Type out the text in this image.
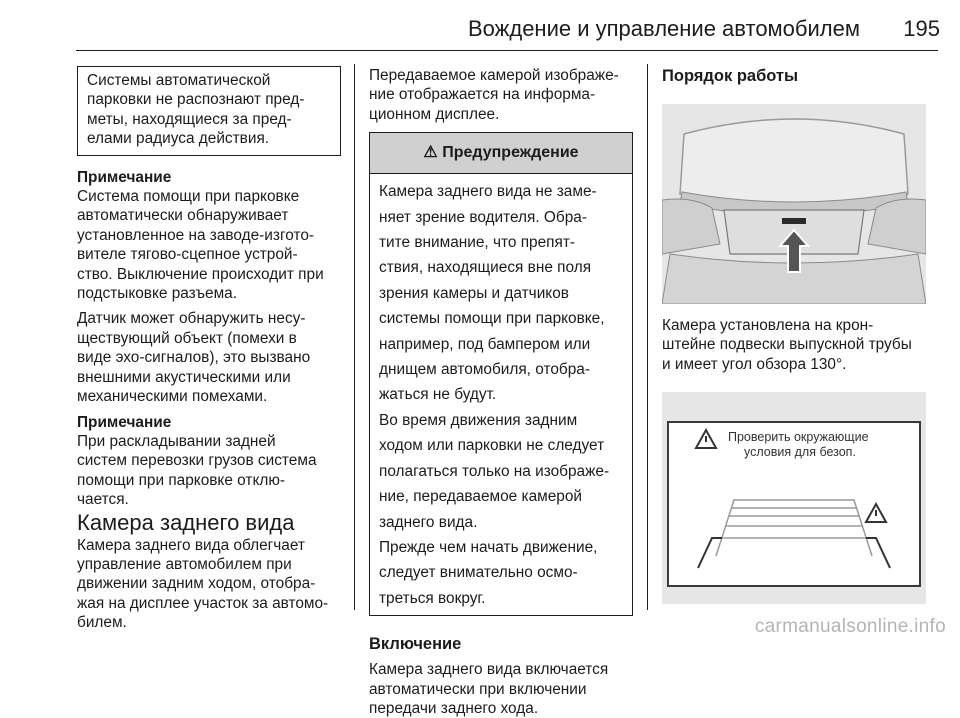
Вождение и управление автомобилем	195

Системы автоматической

парковки не распознают пред-

меты, находящиеся за пред-

елами радиуса действия.

Примечание

Система помощи при парковке

автоматически обнаруживает

установленное на заводе-изгото-

вителе тягово-сцепное устрой-

ство. Выключение происходит при

подстыковке разъема.

Датчик может обнаружить несу-

ществующий объект (помехи в

виде эхо-сигналов), это вызвано

внешними акустическими или

механическими помехами.

Примечание

При раскладывании задней

систем перевозки грузов система

помощи при парковке отклю-

чается.

Камера заднего вида

Камера заднего вида облегчает

управление автомобилем при

движении задним ходом, отобра-

жая на дисплее участок за автомо-

билем.

Передаваемое камерой изображе-

ние отображается на информа-

ционном дисплее.

⚠ Предупреждение

Камера заднего вида не заме-

няет зрение водителя. Обра-

тите внимание, что препят-

ствия, находящиеся вне поля

зрения камеры и датчиков

системы помощи при парковке,

например, под бампером или

днищем автомобиля, отобра-

жаться не будут.

Во время движения задним

ходом или парковки не следует

полагаться только на изображе-

ние, передаваемое камерой

заднего вида.

Прежде чем начать движение,

следует внимательно осмо-

треться вокруг.

Включение

Камера заднего вида включается

автоматически при включении

передачи заднего хода.

Порядок работы

Камера установлена на крон-

штейне подвески выпускной трубы

и имеет угол обзора 130°.

Проверить окружающие
условия для безоп.
carmanualsonline.info
